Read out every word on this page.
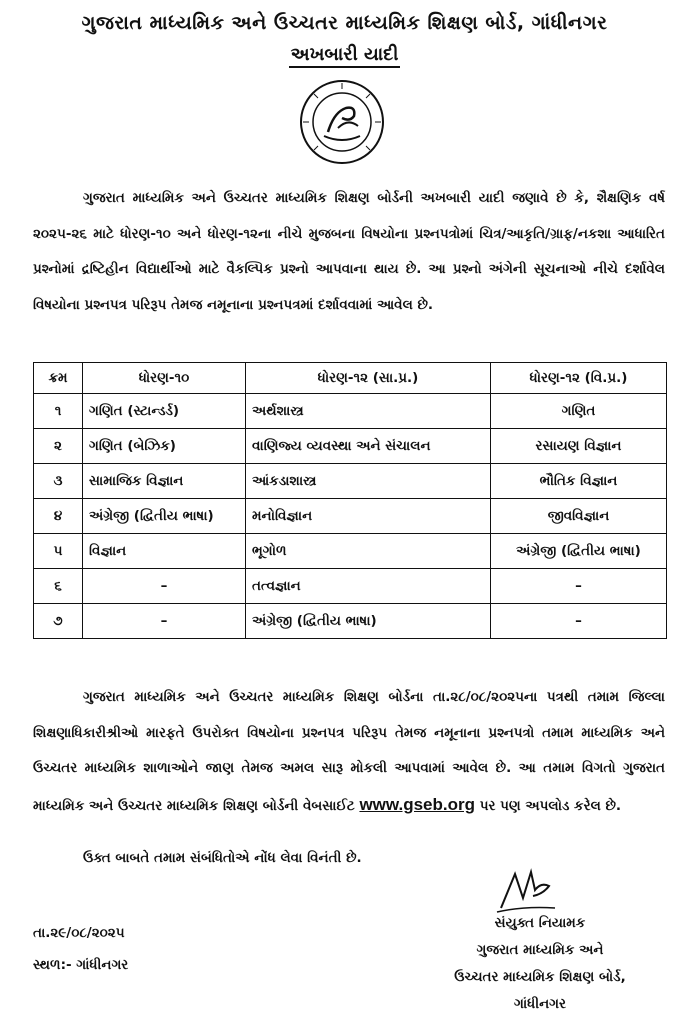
ગુજરાત માધ્યમિક અને ઉચ્ચતર માધ્યમિક શિક્ષણ બોર્ડ, ગાંધીનગર
અખબારી યાદી

ગુજરાત માધ્યમિક અને ઉચ્ચતર માધ્યમિક શિક્ષણ બોર્ડની અખબારી યાદી જણાવે છે કે, શૈક્ષણિક વર્ષ ૨૦૨૫-૨૬ માટે ધોરણ-૧૦ અને ધોરણ-૧૨ના નીચે મુજબના વિષયોના પ્રશ્નપત્રોમાં ચિત્ર/આકૃતિ/ગ્રાફ/નકશા આધારિત પ્રશ્નોમાં દ્રષ્ટિહીન વિદ્યાર્થીઓ માટે વૈકલ્પિક પ્રશ્નો આપવાના થાય છે. આ પ્રશ્નો અંગેની સૂચનાઓ નીચે દર્શાવેલ વિષયોના પ્રશ્નપત્ર પરિરૂપ તેમજ નમૂનાના પ્રશ્નપત્રમાં દર્શાવવામાં આવેલ છે.

ક્રમ	ધોરણ-૧૦	ધોરણ-૧૨ (સા.પ્ર.)	ધોરણ-૧૨ (વિ.પ્ર.)
૧	ગણિત (સ્ટાન્ડર્ડ)	અર્થશાસ્ત્ર	ગણિત
૨	ગણિત (બેઝિક)	વાણિજ્ય વ્યવસ્થા અને સંચાલન	રસાયણ વિજ્ઞાન
૩	સામાજિક વિજ્ઞાન	આંકડાશાસ્ત્ર	ભૌતિક વિજ્ઞાન
૪	અંગ્રેજી (દ્વિતીય ભાષા)	મનોવિજ્ઞાન	જીવવિજ્ઞાન
૫	વિજ્ઞાન	ભૂગોળ	અંગ્રેજી (દ્વિતીય ભાષા)
૬	–	તત્વજ્ઞાન	–
૭	–	અંગ્રેજી (દ્વિતીય ભાષા)	–

ગુજરાત માધ્યમિક અને ઉચ્ચતર માધ્યમિક શિક્ષણ બોર્ડના તા.૨૮/૦૮/૨૦૨૫ના પત્રથી તમામ જિલ્લા શિક્ષણાધિકારીશ્રીઓ મારફતે ઉપરોક્ત વિષયોના પ્રશ્નપત્ર પરિરૂપ તેમજ નમૂનાના પ્રશ્નપત્રો તમામ માધ્યમિક અને ઉચ્ચતર માધ્યમિક શાળાઓને જાણ તેમજ અમલ સારૂ મોકલી આપવામાં આવેલ છે. આ તમામ વિગતો ગુજરાત માધ્યમિક અને ઉચ્ચતર માધ્યમિક શિક્ષણ બોર્ડની વેબસાઈટ www.gseb.org પર પણ અપલોડ કરેલ છે.

ઉક્ત બાબતે તમામ સંબંધિતોએ નોંધ લેવા વિનંતી છે.
તા.૨૯/૦૮/૨૦૨૫
સ્થળ:- ગાંધીનગર
સંયુક્ત નિયામક
ગુજરાત માધ્યમિક અને
ઉચ્ચતર માધ્યમિક શિક્ષણ બોર્ડ,
ગાંધીનગર
